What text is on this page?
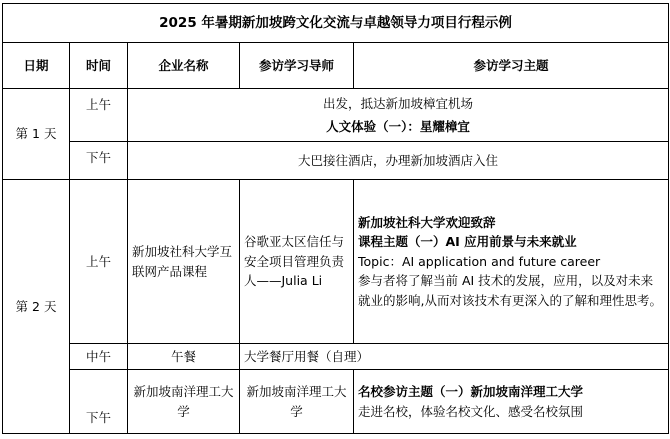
2025 年暑期新加坡跨文化交流与卓越领导力项目行程示例				
日期	时间	企业名称	参访学习导师	参访学习主题
第 1 天	上午	出发，抵达新加坡樟宜机场
人文体验（一）：星耀樟宜		

	下午	大巴接往酒店，办理新加坡酒店入住		
第 2 天	上午	新加坡社科大学互联网产品课程	谷歌亚太区信任与安全项目管理负责人——Julia Li	新加坡社科大学欢迎致辞
课程主题（一）AI 应用前景与未来就业
Topic：AI application and future career
参与者将了解当前 AI 技术的发展，应用，以及对未来就业的影响,从而对该技术有更深入的了解和理性思考。

	中午	午餐	大学餐厅用餐（自理）	
	下午	新加坡南洋理工大学	新加坡南洋理工大学	名校参访主题（一）新加坡南洋理工大学
走进名校，体验名校文化、感受名校氛围
